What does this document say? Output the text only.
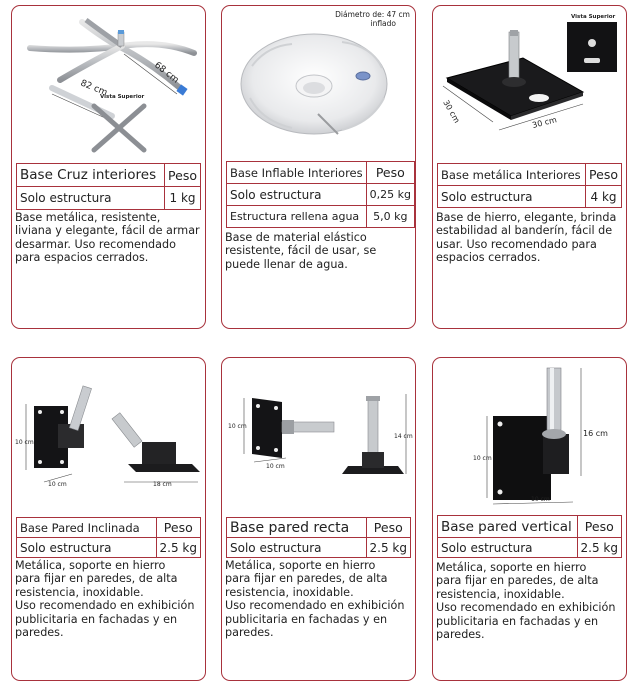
82 cm
68 cm
Vista Superior
Base Cruz interiores	Peso
Solo estructura	1 kg
Base metálica, resistente,
liviana y elegante, fácil de armar
desarmar. Uso recomendado
para espacios cerrados.
Diámetro de: 47 cm
inflado
Base Inflable Interiores	Peso
Solo estructura	0,25 kg
Estructura rellena agua	5,0 kg
Base de material elástico
resistente, fácil de usar, se
puede llenar de agua.
30 cm	30 cm
Vista Superior
Base metálica Interiores	Peso
Solo estructura	4 kg
Base de hierro, elegante, brinda
estabilidad al banderín, fácil de
usar. Uso recomendado para
espacios cerrados.
10 cm
10 cm	18 cm
Base Pared Inclinada	Peso
Solo estructura	2.5 kg
Metálica, soporte en hierro
para fijar en paredes, de alta
resistencia, inoxidable.
Uso recomendado en exhibición
publicitaria en fachadas y en
paredes.
10 cm
10 cm
14 cm
Base pared recta	Peso
Solo estructura	2.5 kg
Metálica, soporte en hierro
para fijar en paredes, de alta
resistencia, inoxidable.
Uso recomendado en exhibición
publicitaria en fachadas y en
paredes.
10 cm
16 cm
10 cm
Base pared vertical	Peso
Solo estructura	2.5 kg
Metálica, soporte en hierro
para fijar en paredes, de alta
resistencia, inoxidable.
Uso recomendado en exhibición
publicitaria en fachadas y en
paredes.
